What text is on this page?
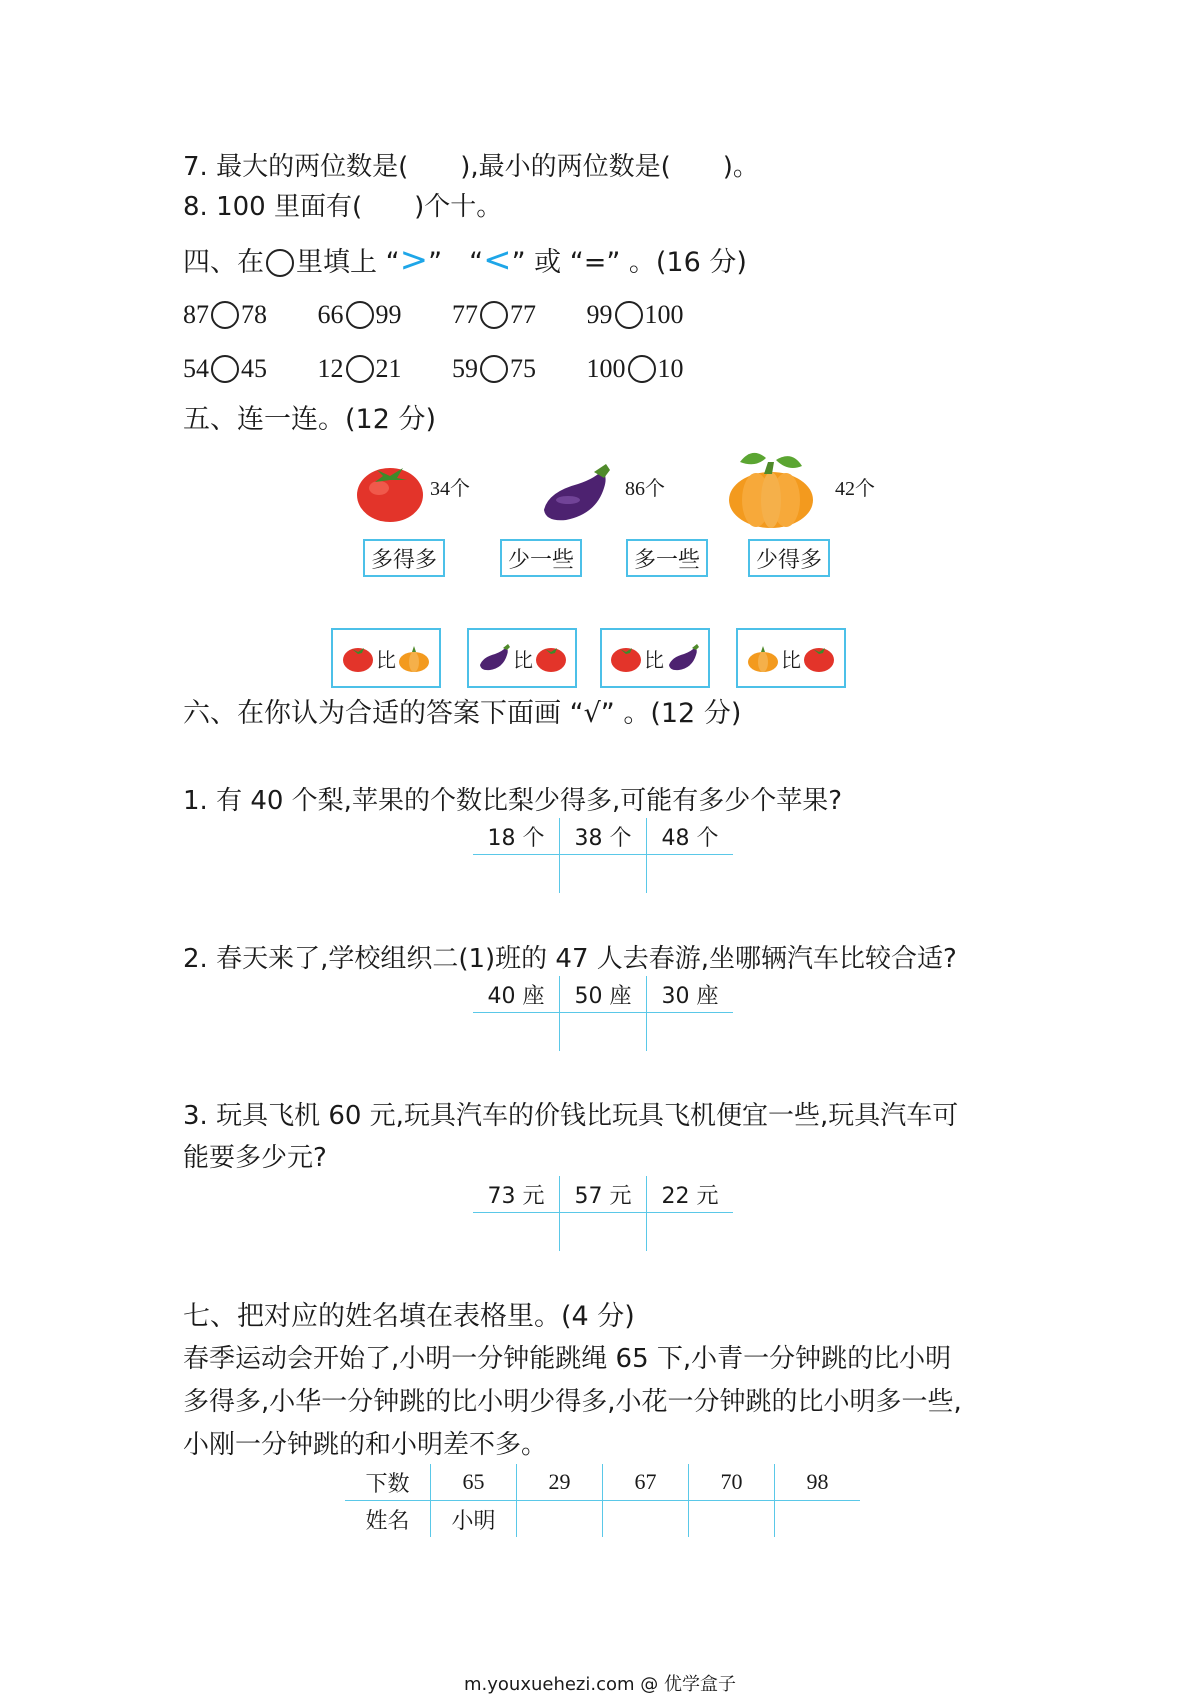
7. 最大的两位数是(　　),最小的两位数是(　　)。
8. 100 里面有(　　)个十。
四、在 里填上 “>”　“<” 或 “=” 。(16 分)
87 78 66 99 77 77 99 100
54 45 12 21 59 75 100 10
五、连一连。(12 分)
34个	86个	42个
多得多	少一些	多一些	少得多
比	比	比	比
六、在你认为合适的答案下面画 “√” 。(12 分)
1. 有 40 个梨,苹果的个数比梨少得多,可能有多少个苹果?
18 个	38 个	48 个

2. 春天来了,学校组织二(1)班的 47 人去春游,坐哪辆汽车比较合适?
40 座	50 座	30 座

3. 玩具飞机 60 元,玩具汽车的价钱比玩具飞机便宜一些,玩具汽车可
能要多少元?
73 元	57 元	22 元

七、把对应的姓名填在表格里。(4 分)
春季运动会开始了,小明一分钟能跳绳 65 下,小青一分钟跳的比小明
多得多,小华一分钟跳的比小明少得多,小花一分钟跳的比小明多一些,
小刚一分钟跳的和小明差不多。
下数	65	29	67	70	98
姓名	小明				
m.youxuehezi.com @ 优学盒子
